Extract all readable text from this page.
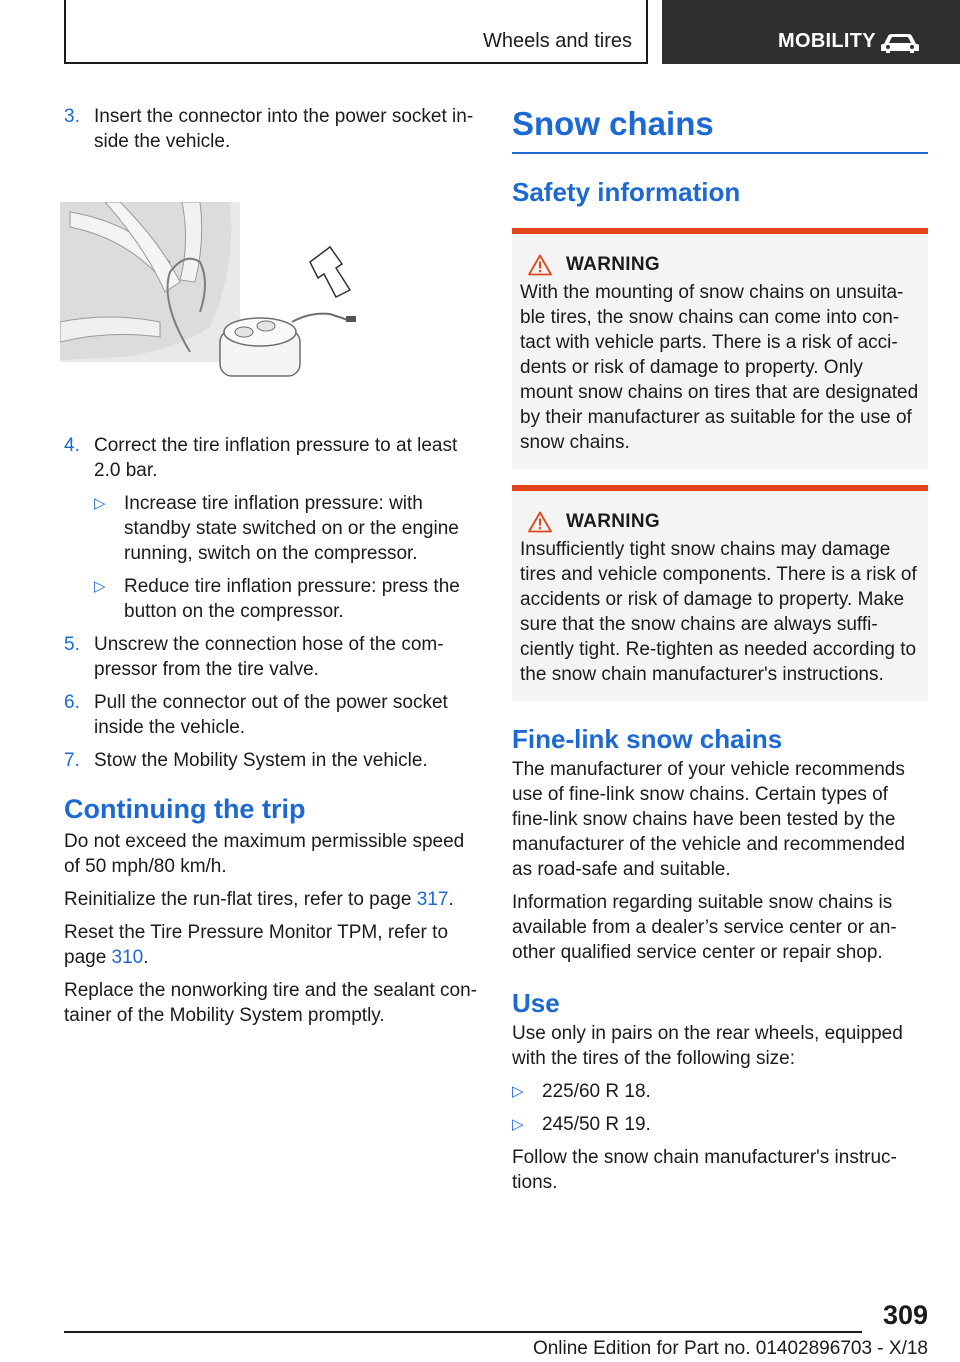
Wheels and tires	MOBILITY
3. Insert the connector into the power socket in-side the vehicle.
4. Correct the tire inflation pressure to at least 2.0 bar.
▷ Increase tire inflation pressure: with standby state switched on or the engine running, switch on the compressor.
▷ Reduce tire inflation pressure: press the button on the compressor.
5. Unscrew the connection hose of the com-pressor from the tire valve.
6. Pull the connector out of the power socket inside the vehicle.
7. Stow the Mobility System in the vehicle.
Continuing the trip

Do not exceed the maximum permissible speed of 50 mph/80 km/h.

Reinitialize the run-flat tires, refer to page 317.

Reset the Tire Pressure Monitor TPM, refer to page 310.

Replace the nonworking tire and the sealant con-tainer of the Mobility System promptly.

Snow chains
Safety information
WARNING

With the mounting of snow chains on unsuita-ble tires, the snow chains can come into con-tact with vehicle parts. There is a risk of acci-dents or risk of damage to property. Only mount snow chains on tires that are designated by their manufacturer as suitable for the use of snow chains.

WARNING

Insufficiently tight snow chains may damage tires and vehicle components. There is a risk of accidents or risk of damage to property. Make sure that the snow chains are always suffi-ciently tight. Re-tighten as needed according to the snow chain manufacturer's instructions.

Fine-link snow chains

The manufacturer of your vehicle recommends use of fine-link snow chains. Certain types of fine-link snow chains have been tested by the manufacturer of the vehicle and recommended as road-safe and suitable.

Information regarding suitable snow chains is available from a dealer’s service center or an-other qualified service center or repair shop.

Use

Use only in pairs on the rear wheels, equipped with the tires of the following size:

▷ 225/60 R 18.
▷ 245/50 R 19.

Follow the snow chain manufacturer's instruc-tions.

309
Online Edition for Part no. 01402896703 - X/18
